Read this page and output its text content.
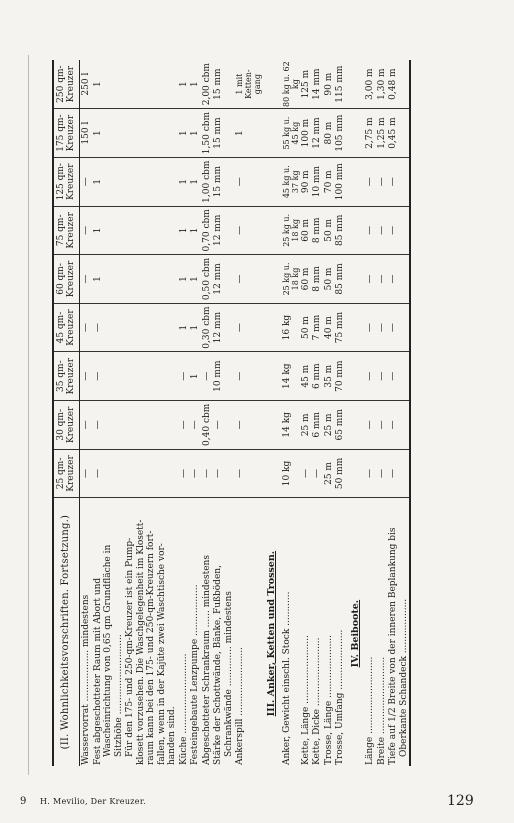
(II. Wohnlichkeitsvorschriften. Fortsetzung.)	25 qm-Kreuzer	30 qm-Kreuzer	35 qm-Kreuzer	45 qm-Kreuzer	60 qm-Kreuzer	75 qm-Kreuzer	125 qm-Kreuzer	175 qm-Kreuzer	250 qm-Kreuzer

Wasservorrat .................. mindestens	—	—	—	—	—	—	—	150 l	250 l

Fest abgeschotteter Raum mit Abort und Wascheinrichtung von 0,65 qm Grundfläche in Sitzhöhe ............................	—	—	—	—	1	1	1	1	1

Für den 175- und 250-qm-Kreuzer ist ein Pump- klosett vorzusehen. Die Waschgelegenheit im Klosett- raum kann bei den 175- und 250-qm-Kreuzern fort- fallen, wenn in der Kajüte zwei Waschtische vor- handen sind.									

Küche ............................	—	—	—	1	1	1	1	1	1

Festeingebaute Lenzpumpe ..................	—	—	1	1	1	1	1	1	1

Abgeschotteter Schrankraum ...... mindestens	—	0,40 cbm	—	0,30 cbm	0,50 cbm	0,70 cbm	1,00 cbm	1,50 cbm	2,00 cbm

Stärke der Schottwände, Bänke, Fußböden, Schrankwände .............. mindestens	—	—	10 mm	12 mm	12 mm	12 mm	15 mm	15 mm	15 mm

Ankerspill ........................	—	—	—	—	—	—	—	1	1 mit Ketten-gang
III. Anker, Ketten und Trossen.									

Anker, Gewicht einschl. Stock ............	10 kg	14 kg	14 kg	16 kg	25 kg u. 18 kg	25 kg u. 18 kg	45 kg u. 37 kg	55 kg u. 45 kg	80 kg u. 62 kg

Kette, Länge ........................	—	25 m	45 m	50 m	60 m	60 m	90 m	100 m	125 m

Kette, Dicke ........................	—	6 mm	6 mm	7 mm	8 mm	8 mm	10 mm	12 mm	14 mm

Trosse, Länge ......................	25 m	25 m	35 m	40 m	50 m	50 m	70 m	80 m	90 m

Trosse, Umfang .....................	50 mm	65 mm	70 mm	75 mm	85 mm	85 mm	100 mm	105 mm	115 mm
IV. Beiboote.									

Länge ...........................	—	—	—	—	—	—	—	2,75 m	3,00 m

Breite ...........................	—	—	—	—	—	—	—	1,25 m	1,30 m

Tiefe auf 1/2 Breite von der inneren Beplankung bis Oberkante Schandeck ...................	—	—	—	—	—	—	—	0,45 m	0,48 m
9 H. Mevilio, Der Kreuzer.	129
